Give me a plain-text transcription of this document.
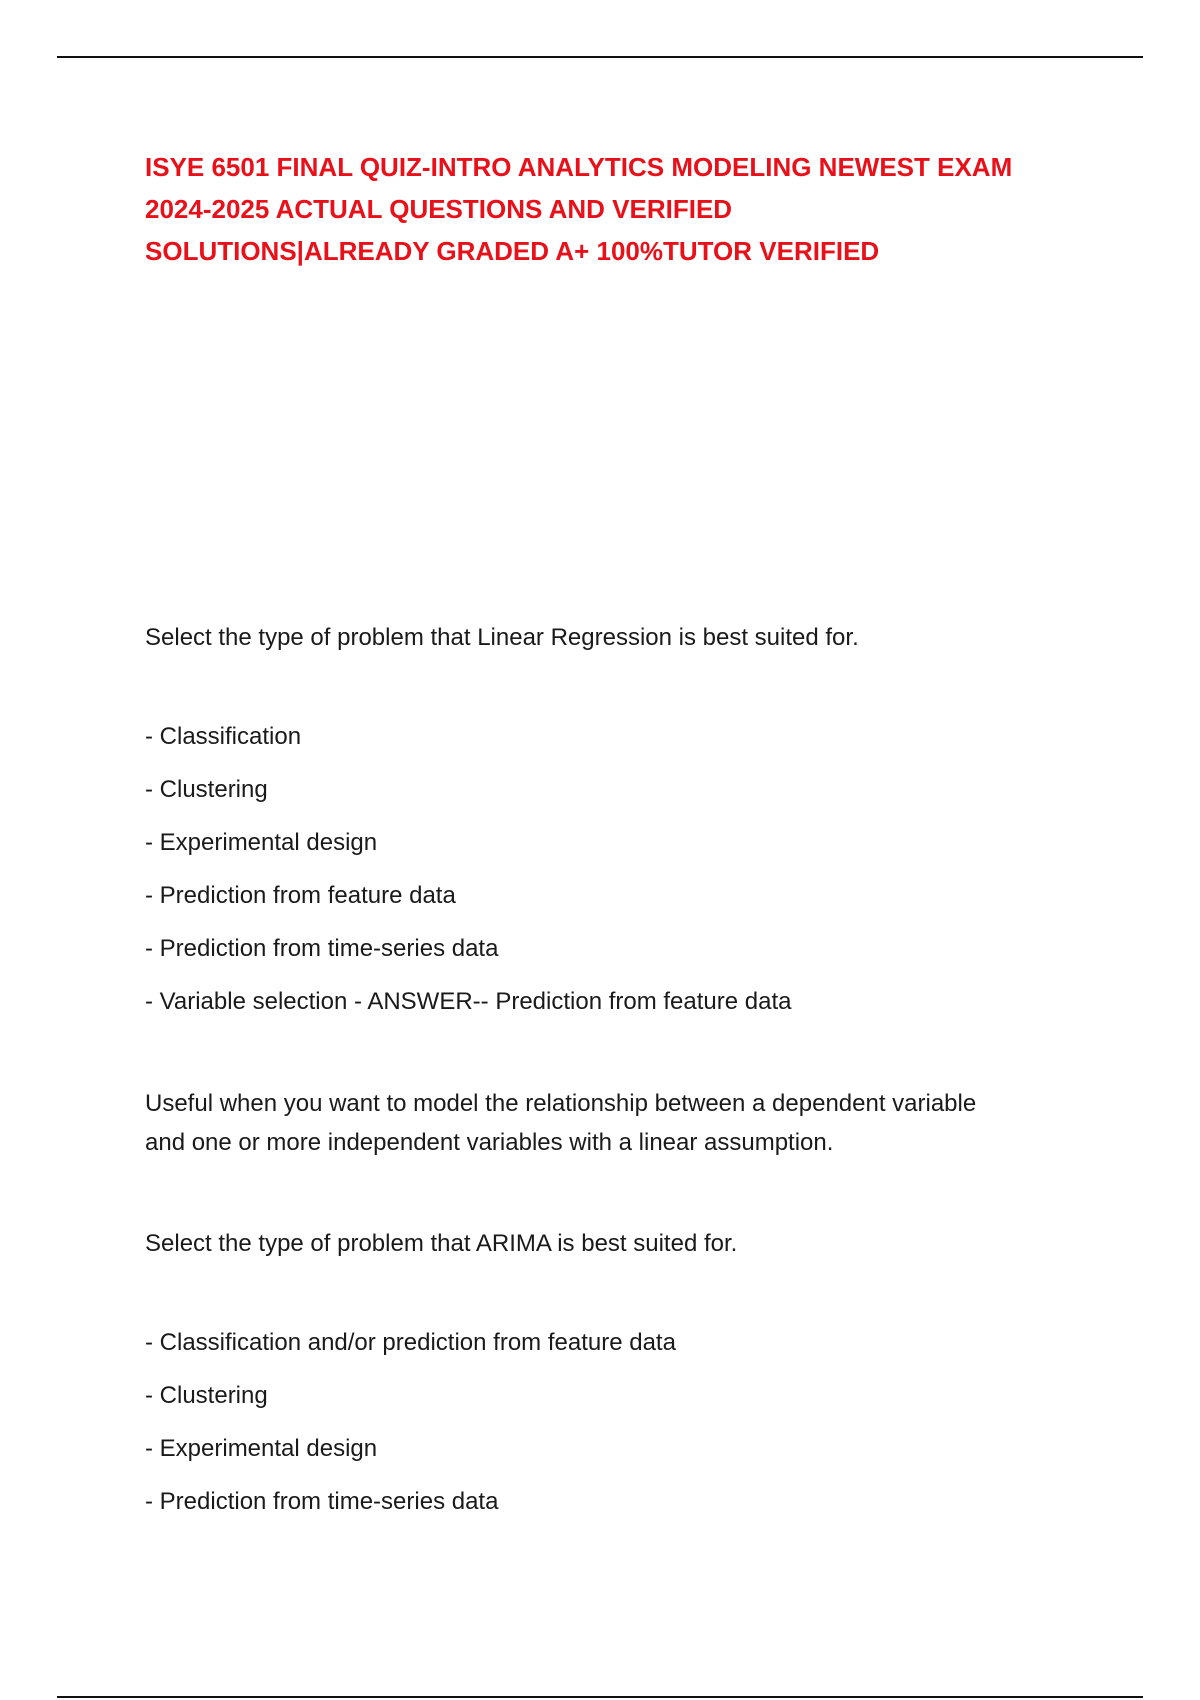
ISYE 6501 FINAL QUIZ-INTRO ANALYTICS MODELING NEWEST EXAM
2024-2025 ACTUAL QUESTIONS AND VERIFIED
SOLUTIONS|ALREADY GRADED A+ 100%TUTOR VERIFIED

Select the type of problem that Linear Regression is best suited for.

- Classification
- Clustering
- Experimental design
- Prediction from feature data
- Prediction from time-series data
- Variable selection - ANSWER-- Prediction from feature data

Useful when you want to model the relationship between a dependent variable
and one or more independent variables with a linear assumption.

Select the type of problem that ARIMA is best suited for.

- Classification and/or prediction from feature data
- Clustering
- Experimental design
- Prediction from time-series data
